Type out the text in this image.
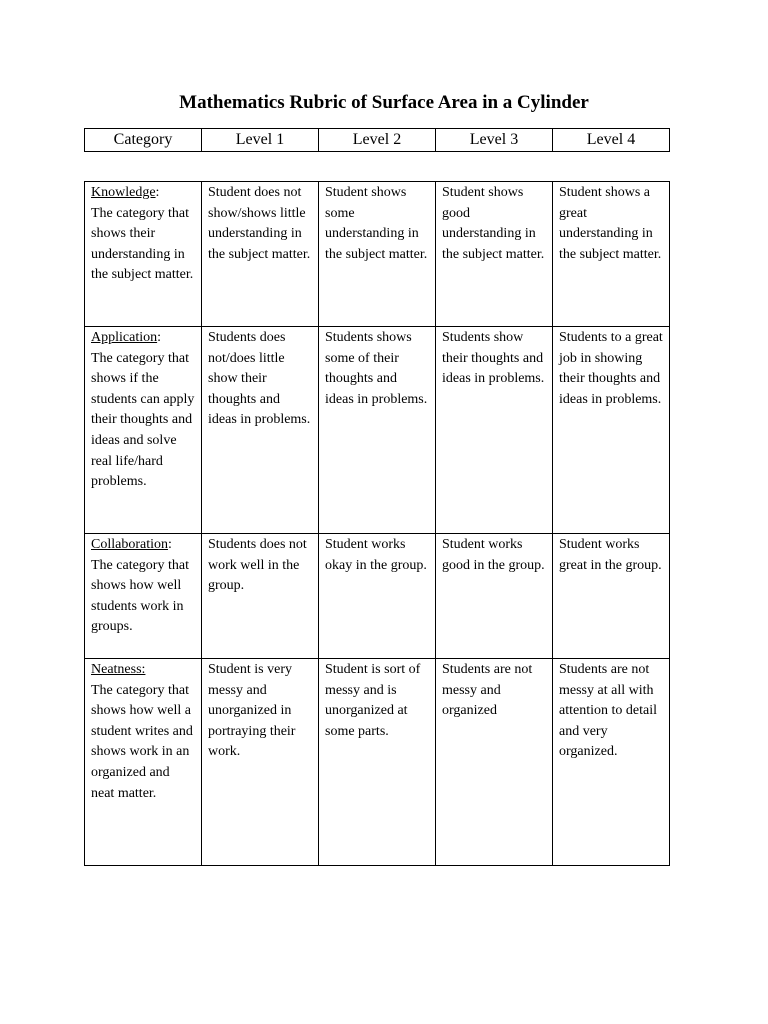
Mathematics Rubric of Surface Area in a Cylinder
Category	Level 1	Level 2	Level 3	Level 4
Knowledge:
The category that shows their understanding in the subject matter.	Student does not show/shows little understanding in the subject matter.	Student shows some understanding in the subject matter.	Student shows good understanding in the subject matter.	Student shows a great understanding in the subject matter.
Application:
The category that shows if the students can apply their thoughts and ideas and solve real life/hard problems.	Students does not/does little show their thoughts and ideas in problems.	Students shows some of their thoughts and ideas in problems.	Students show their thoughts and ideas in problems.	Students to a great job in showing their thoughts and ideas in problems.
Collaboration:
The category that shows how well students work in groups.	Students does not work well in the group.	Student works okay in the group.	Student works good in the group.	Student works great in the group.
Neatness:
The category that shows how well a student writes and shows work in an organized and neat matter.	Student is very messy and unorganized in portraying their work.	Student is sort of messy and is unorganized at some parts.	Students are not messy and organized	Students are not messy at all with attention to detail and very organized.
